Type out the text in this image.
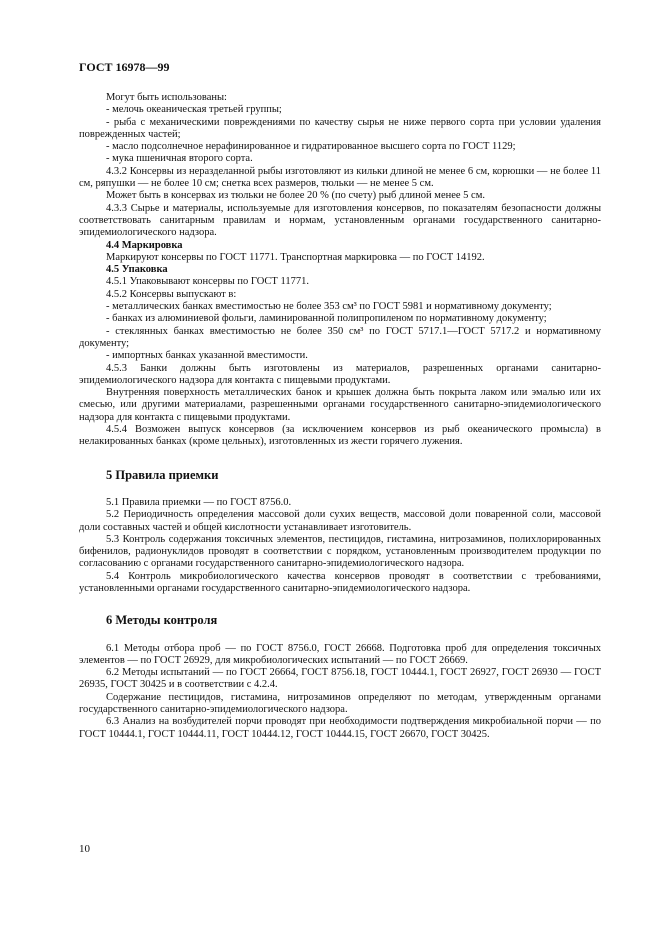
ГОСТ 16978—99

Могут быть использованы:

- мелочь океаническая третьей группы;

- рыба с механическими повреждениями по качеству сырья не ниже первого сорта при условии удаления поврежденных частей;

- масло подсолнечное нерафинированное и гидратированное высшего сорта по ГОСТ 1129;

- мука пшеничная второго сорта.

4.3.2 Консервы из неразделанной рыбы изготовляют из кильки длиной не менее 6 см, корюшки — не более 11 см, ряпушки — не более 10 см; снетка всех размеров, тюльки — не менее 5 см.

Может быть в консервах из тюльки не более 20 % (по счету) рыб длиной менее 5 см.

4.3.3 Сырье и материалы, используемые для изготовления консервов, по показателям безопасности должны соответствовать санитарным правилам и нормам, установленным органами государственного санитарно-эпидемиологического надзора.

4.4 Маркировка

Маркируют консервы по ГОСТ 11771. Транспортная маркировка — по ГОСТ 14192.

4.5 Упаковка

4.5.1 Упаковывают консервы по ГОСТ 11771.

4.5.2 Консервы выпускают в:

- металлических банках вместимостью не более 353 см³ по ГОСТ 5981 и нормативному документу;

- банках из алюминиевой фольги, ламинированной полипропиленом по нормативному документу;

- стеклянных банках вместимостью не более 350 см³ по ГОСТ 5717.1—ГОСТ 5717.2 и нормативному документу;

- импортных банках указанной вместимости.

4.5.3 Банки должны быть изготовлены из материалов, разрешенных органами санитарно-эпидемиологического надзора для контакта с пищевыми продуктами.

Внутренняя поверхность металлических банок и крышек должна быть покрыта лаком или эмалью или их смесью, или другими материалами, разрешенными органами государственного санитарно-эпидемиологического надзора для контакта с пищевыми продуктами.

4.5.4 Возможен выпуск консервов (за исключением консервов из рыб океанического промысла) в нелакированных банках (кроме цельных), изготовленных из жести горячего лужения.

5 Правила приемки

5.1 Правила приемки — по ГОСТ 8756.0.

5.2 Периодичность определения массовой доли сухих веществ, массовой доли поваренной соли, массовой доли составных частей и общей кислотности устанавливает изготовитель.

5.3 Контроль содержания токсичных элементов, пестицидов, гистамина, нитрозаминов, полихлорированных бифенилов, радионуклидов проводят в соответствии с порядком, установленным производителем продукции по согласованию с органами государственного санитарно-эпидемиологического надзора.

5.4 Контроль микробиологического качества консервов проводят в соответствии с требованиями, установленными органами государственного санитарно-эпидемиологического надзора.

6 Методы контроля

6.1 Методы отбора проб — по ГОСТ 8756.0, ГОСТ 26668. Подготовка проб для определения токсичных элементов — по ГОСТ 26929, для микробиологических испытаний — по ГОСТ 26669.

6.2 Методы испытаний — по ГОСТ 26664, ГОСТ 8756.18, ГОСТ 10444.1, ГОСТ 26927, ГОСТ 26930 — ГОСТ 26935, ГОСТ 30425 и в соответствии с 4.2.4.

Содержание пестицидов, гистамина, нитрозаминов определяют по методам, утвержденным органами государственного санитарно-эпидемиологического надзора.

6.3 Анализ на возбудителей порчи проводят при необходимости подтверждения микробиальной порчи — по ГОСТ 10444.1, ГОСТ 10444.11, ГОСТ 10444.12, ГОСТ 10444.15, ГОСТ 26670, ГОСТ 30425.

10
